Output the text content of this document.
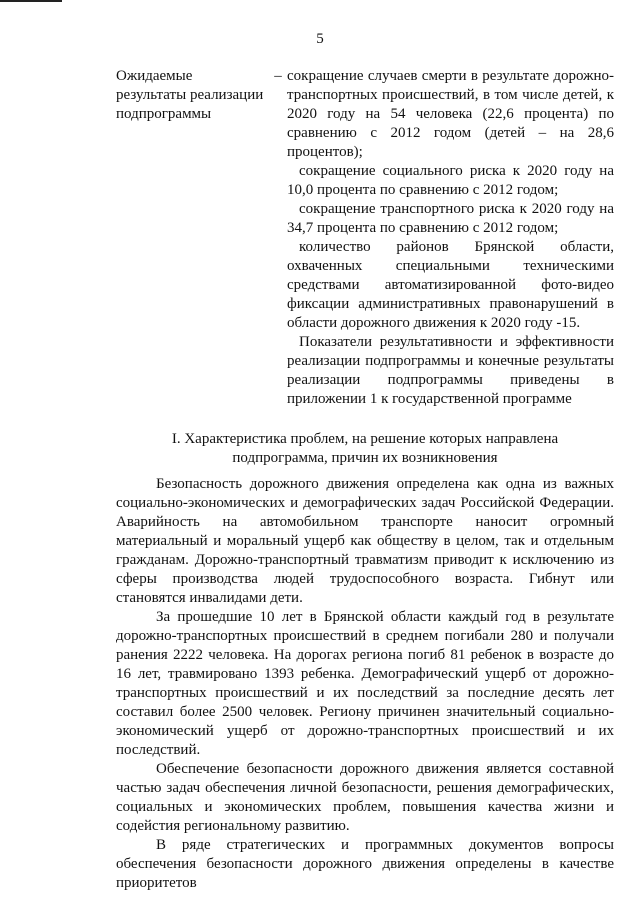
5
Ожидаемые результаты реализации подпрограммы
– сокращение случаев смерти в результате дорожно-транспортных происшествий, в том числе детей, к 2020 году на 54 человека (22,6 процента) по сравнению с 2012 годом (детей – на 28,6 процентов);
сокращение социального риска к 2020 году на 10,0 процента по сравнению с 2012 годом;
сокращение транспортного риска к 2020 году на 34,7 процента по сравнению с 2012 годом;
количество районов Брянской области, охваченных специальными техническими средствами автоматизированной фото-видео фиксации административных правонарушений в области дорожного движения к 2020 году -15.
Показатели результативности и эффективности реализации подпрограммы и конечные результаты реализации подпрограммы приведены в приложении 1 к государственной программе
I. Характеристика проблем, на решение которых направлена
подпрограмма, причин их возникновения

Безопасность дорожного движения определена как одна из важных социально-экономических и демографических задач Российской Федерации. Аварийность на автомобильном транспорте наносит огромный материальный и моральный ущерб как обществу в целом, так и отдельным гражданам. Дорожно-транспортный травматизм приводит к исключению из сферы производства людей трудоспособного возраста. Гибнут или становятся инвалидами дети.

За прошедшие 10 лет в Брянской области каждый год в результате дорожно-транспортных происшествий в среднем погибали 280 и получали ранения 2222 человека. На дорогах региона погиб 81 ребенок в возрасте до 16 лет, травмировано 1393 ребенка. Демографический ущерб от дорожно-транспортных происшествий и их последствий за последние десять лет составил более 2500 человек. Региону причинен значительный социально-экономический ущерб от дорожно-транспортных происшествий и их последствий.

Обеспечение безопасности дорожного движения является составной частью задач обеспечения личной безопасности, решения демографических, социальных и экономических проблем, повышения качества жизни и содейстия региональному развитию.

В ряде стратегических и программных документов вопросы обеспечения безопасности дорожного движения определены в качестве приоритетов
